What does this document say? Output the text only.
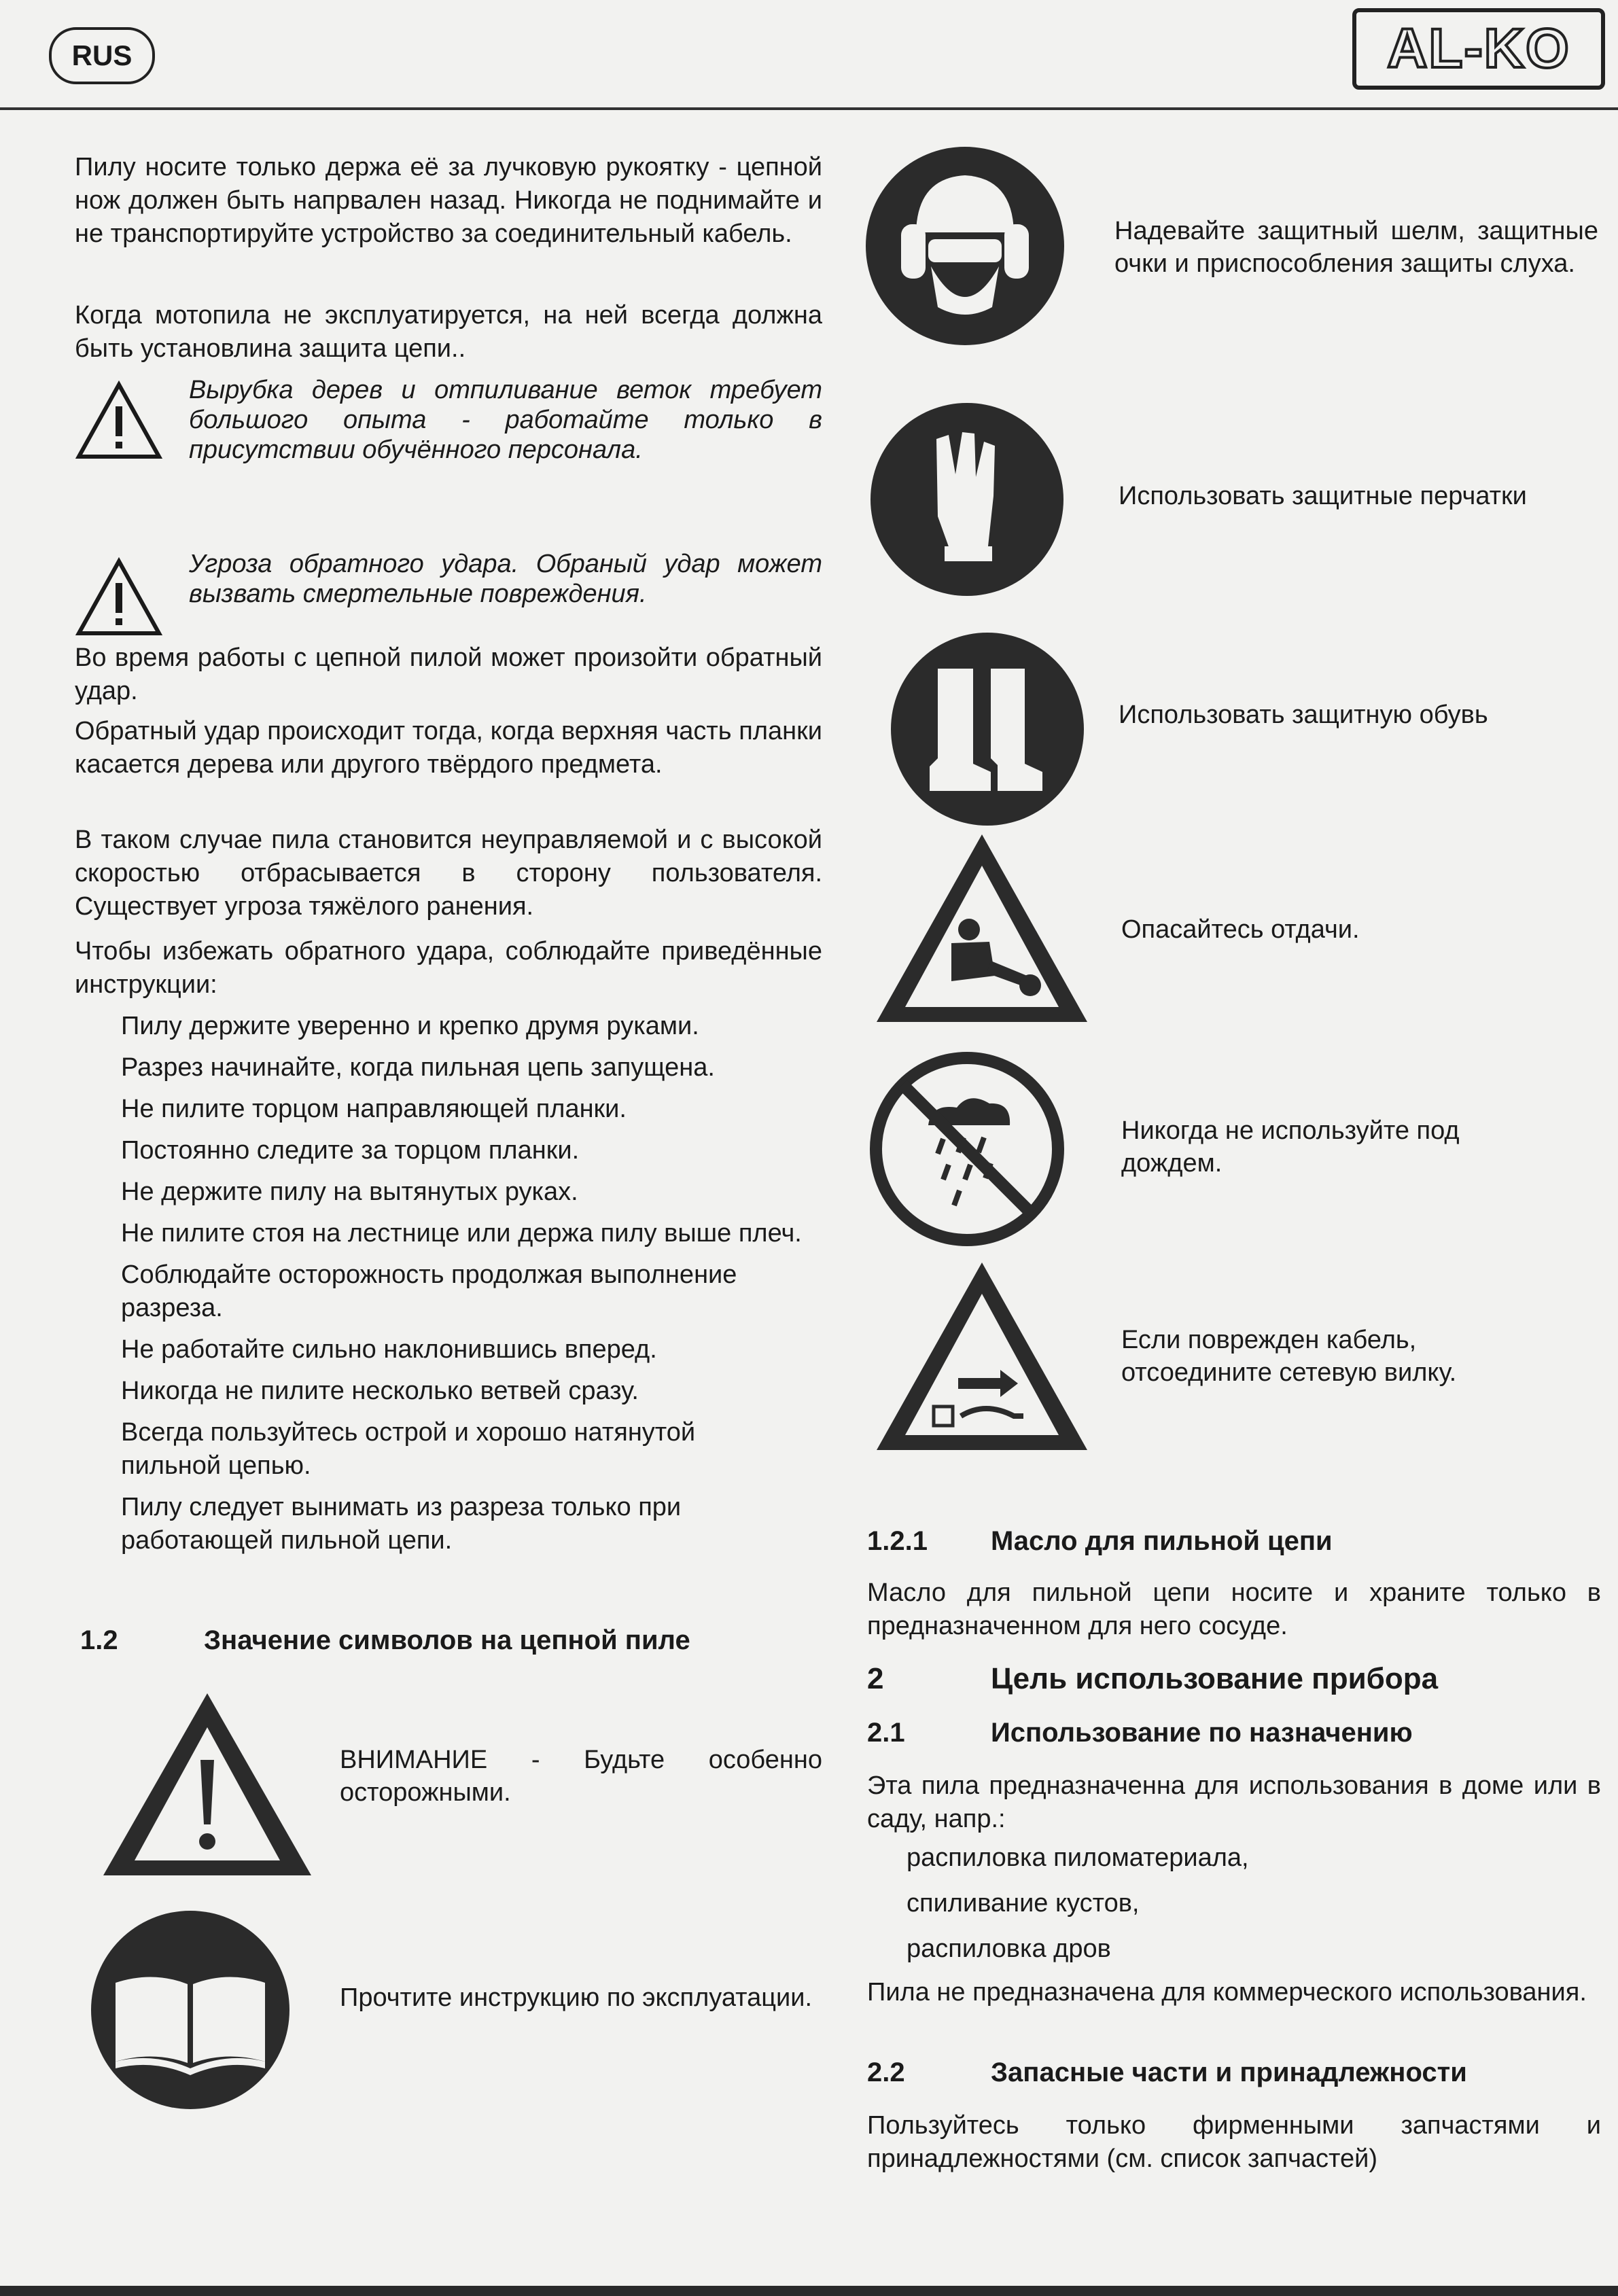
RUS	AL-KO

Пилу носите только держа её за лучковую рукоятку - цепной нож должен быть напрвален назад. Никогда не поднимайте и не транспортируйте устройство за соединительный кабель.

Когда мотопила не эксплуатируется, на ней всегда должна быть установлина защита цепи..

Вырубка дерев и отпиливание веток требует большого опыта - работайте только в присутствии обучённого персонала.

Угроза обратного удара. Обраный удар может вызвать смертельные повреждения.

Во время работы с цепной пилой может произойти обратный удар.

Обратный удар происходит тогда, когда верхняя часть планки касается дерева или другого твёрдого предмета.

В таком случае пила становится неуправляемой и с высокой скоростью отбрасывается в сторону пользователя. Существует угроза тяжёлого ранения.

Чтобы избежать обратного удара, соблюдайте приведённые инструкции:

Пилу держите уверенно и крепко друмя руками.
Разрез начинайте, когда пильная цепь запущена.
Не пилите торцом направляющей планки.
Постоянно следите за торцом планки.
Не держите пилу на вытянутых руках.
Не пилите стоя на лестнице или держа пилу выше плеч.
Соблюдайте осторожность продолжая выполнение разреза.
Не работайте сильно наклонившись вперед.
Никогда не пилите несколько ветвей сразу.
Всегда пользуйтесь острой и хорошо натянутой пильной цепью.
Пилу следует вынимать из разреза только при работающей пильной цепи.
1.2	Значение символов на цепной пиле

ВНИМАНИЕ - Будьте особенно осторожными.

Прочтите инструкцию по эксплуатации.
Надевайте защитный шелм, защитные очки и приспособления защиты слуха.
Использовать защитные перчатки
Использовать защитную обувь
Опасайтесь отдачи.
Никогда не используйте под дождем.
Если поврежден кабель, отсоедините сетевую вилку.
1.2.1 Масло для пильной цепи

Масло для пильной цепи носите и храните только в предназначенном для него сосуде.

2	Цель использование прибора
2.1	Использование по назначению

Эта пила предназначенна для использования в доме или в саду, напр.:

распиловка пиломатериала,
спиливание кустов,
распиловка дров

Пила не предназначена для коммерческого использования.

2.2	Запасные части и принадлежности

Пользуйтесь только фирменными запчастями и принадлежностями (см. список запчастей)
